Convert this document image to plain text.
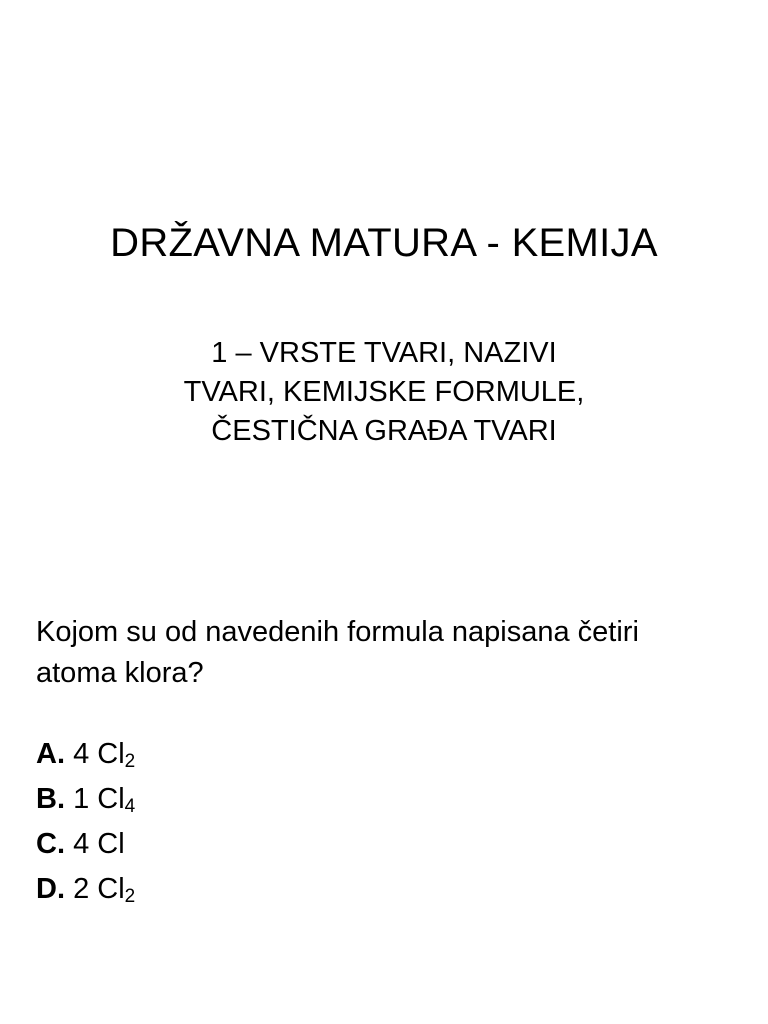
DRŽAVNA MATURA - KEMIJA
1 – VRSTE TVARI, NAZIVI
TVARI, KEMIJSKE FORMULE,
ČESTIČNA GRAĐA TVARI
Kojom su od navedenih formula napisana četiri
atoma klora?
A. 4 $Cl_2$
B. 1 $Cl_4$
C. 4 Cl
D. 2 $Cl_2$
